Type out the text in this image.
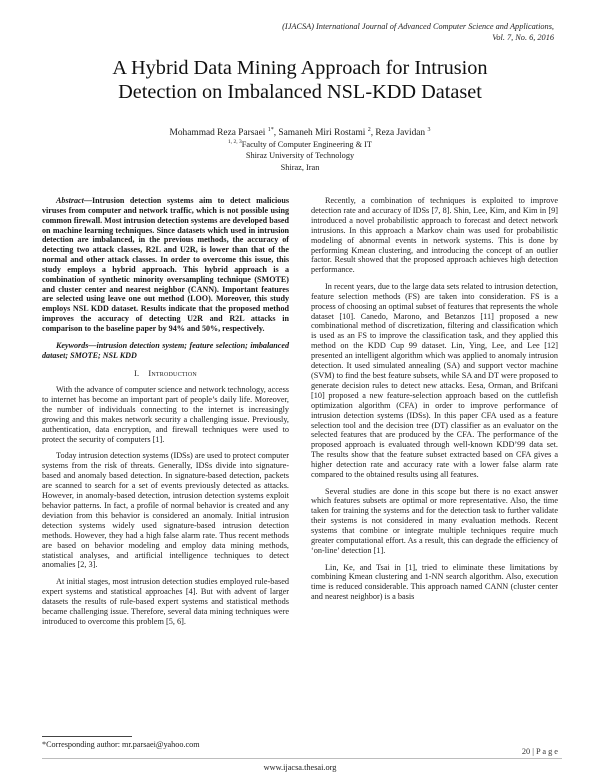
(IJACSA) International Journal of Advanced Computer Science and Applications,
Vol. 7, No. 6, 2016
A Hybrid Data Mining Approach for Intrusion
Detection on Imbalanced NSL-KDD Dataset
Mohammad Reza Parsaei $^{1*}$, Samaneh Miri Rostami $^2$, Reza Javidan $^3$
$^{1, 2, 3}$Faculty of Computer Engineering & IT
Shiraz University of Technology
Shiraz, Iran
Abstract—Intrusion detection systems aim to detect malicious viruses from computer and network traffic, which is not possible using common firewall. Most intrusion detection systems are developed based on machine learning techniques. Since datasets which used in intrusion detection are imbalanced, in the previous methods, the accuracy of detecting two attack classes, R2L and U2R, is lower than that of the normal and other attack classes. In order to overcome this issue, this study employs a hybrid approach. This hybrid approach is a combination of synthetic minority oversampling technique (SMOTE) and cluster center and nearest neighbor (CANN). Important features are selected using leave one out method (LOO). Moreover, this study employs NSL KDD dataset. Results indicate that the proposed method improves the accuracy of detecting U2R and R2L attacks in comparison to the baseline paper by 94% and 50%, respectively.
Keywords—intrusion detection system; feature selection; imbalanced dataset; SMOTE; NSL KDD
I. Introduction
With the advance of computer science and network technology, access to internet has become an important part of people’s daily life. Moreover, the number of individuals connecting to the internet is increasingly growing and this makes network security a challenging issue. Previously, authentication, data encryption, and firewall techniques were used to protect the security of computers [1].
Today intrusion detection systems (IDSs) are used to protect computer systems from the risk of threats. Generally, IDSs divide into signature-based and anomaly based detection. In signature-based detection, packets are scanned to search for a set of events previously detected as attacks. However, in anomaly-based detection, intrusion detection systems exploit behavior patterns. In fact, a profile of normal behavior is created and any deviation from this behavior is considered an anomaly. Initial intrusion detection systems widely used signature-based intrusion detection methods. However, they had a high false alarm rate. Thus recent methods are based on behavior modeling and employ data mining methods, statistical analyses, and artificial intelligence techniques to detect anomalies [2, 3].
At initial stages, most intrusion detection studies employed rule-based expert systems and statistical approaches [4]. But with advent of larger datasets the results of rule-based expert systems and statistical methods became challenging issue. Therefore, several data mining techniques were introduced to overcome this problem [5, 6].
Recently, a combination of techniques is exploited to improve detection rate and accuracy of IDSs [7, 8]. Shin, Lee, Kim, and Kim in [9] introduced a novel probabilistic approach to forecast and detect network intrusions. In this approach a Markov chain was used for probabilistic modeling of abnormal events in network systems. This is done by performing Kmean clustering, and introducing the concept of an outlier factor. Result showed that the proposed approach achieves high detection performance.
In recent years, due to the large data sets related to intrusion detection, feature selection methods (FS) are taken into consideration. FS is a process of choosing an optimal subset of features that represents the whole dataset [10]. Canedo, Marono, and Betanzos [11] proposed a new combinational method of discretization, filtering and classification which is used as an FS to improve the classification task, and they applied this method on the KDD Cup 99 dataset. Lin, Ying, Lee, and Lee [12] presented an intelligent algorithm which was applied to anomaly intrusion detection. It used simulated annealing (SA) and support vector machine (SVM) to find the best feature subsets, while SA and DT were proposed to generate decision rules to detect new attacks. Eesa, Orman, and Brifcani [10] proposed a new feature-selection approach based on the cuttlefish optimization algorithm (CFA) in order to improve performance of intrusion detection systems (IDSs). In this paper CFA used as a feature selection tool and the decision tree (DT) classifier as an evaluator on the selected features that are produced by the CFA. The performance of the proposed approach is evaluated through well-known KDD’99 data set. The results show that the feature subset extracted based on CFA gives a higher detection rate and accuracy rate with a lower false alarm rate compared to the obtained results using all features.
Several studies are done in this scope but there is no exact answer which features subsets are optimal or more representative. Also, the time taken for training the systems and for the detection task to further validate their systems is not considered in many evaluation methods. Recent systems that combine or integrate multiple techniques require much greater computational effort. As a result, this can degrade the efficiency of ‘on-line’ detection [1].
Lin, Ke, and Tsai in [1], tried to eliminate these limitations by combining Kmean clustering and 1-NN search algorithm. Also, execution time is reduced considerable. This approach named CANN (cluster center and nearest neighbor) is a basis
*Corresponding author: mr.parsaei@yahoo.com
20 | P a g e
www.ijacsa.thesai.org
